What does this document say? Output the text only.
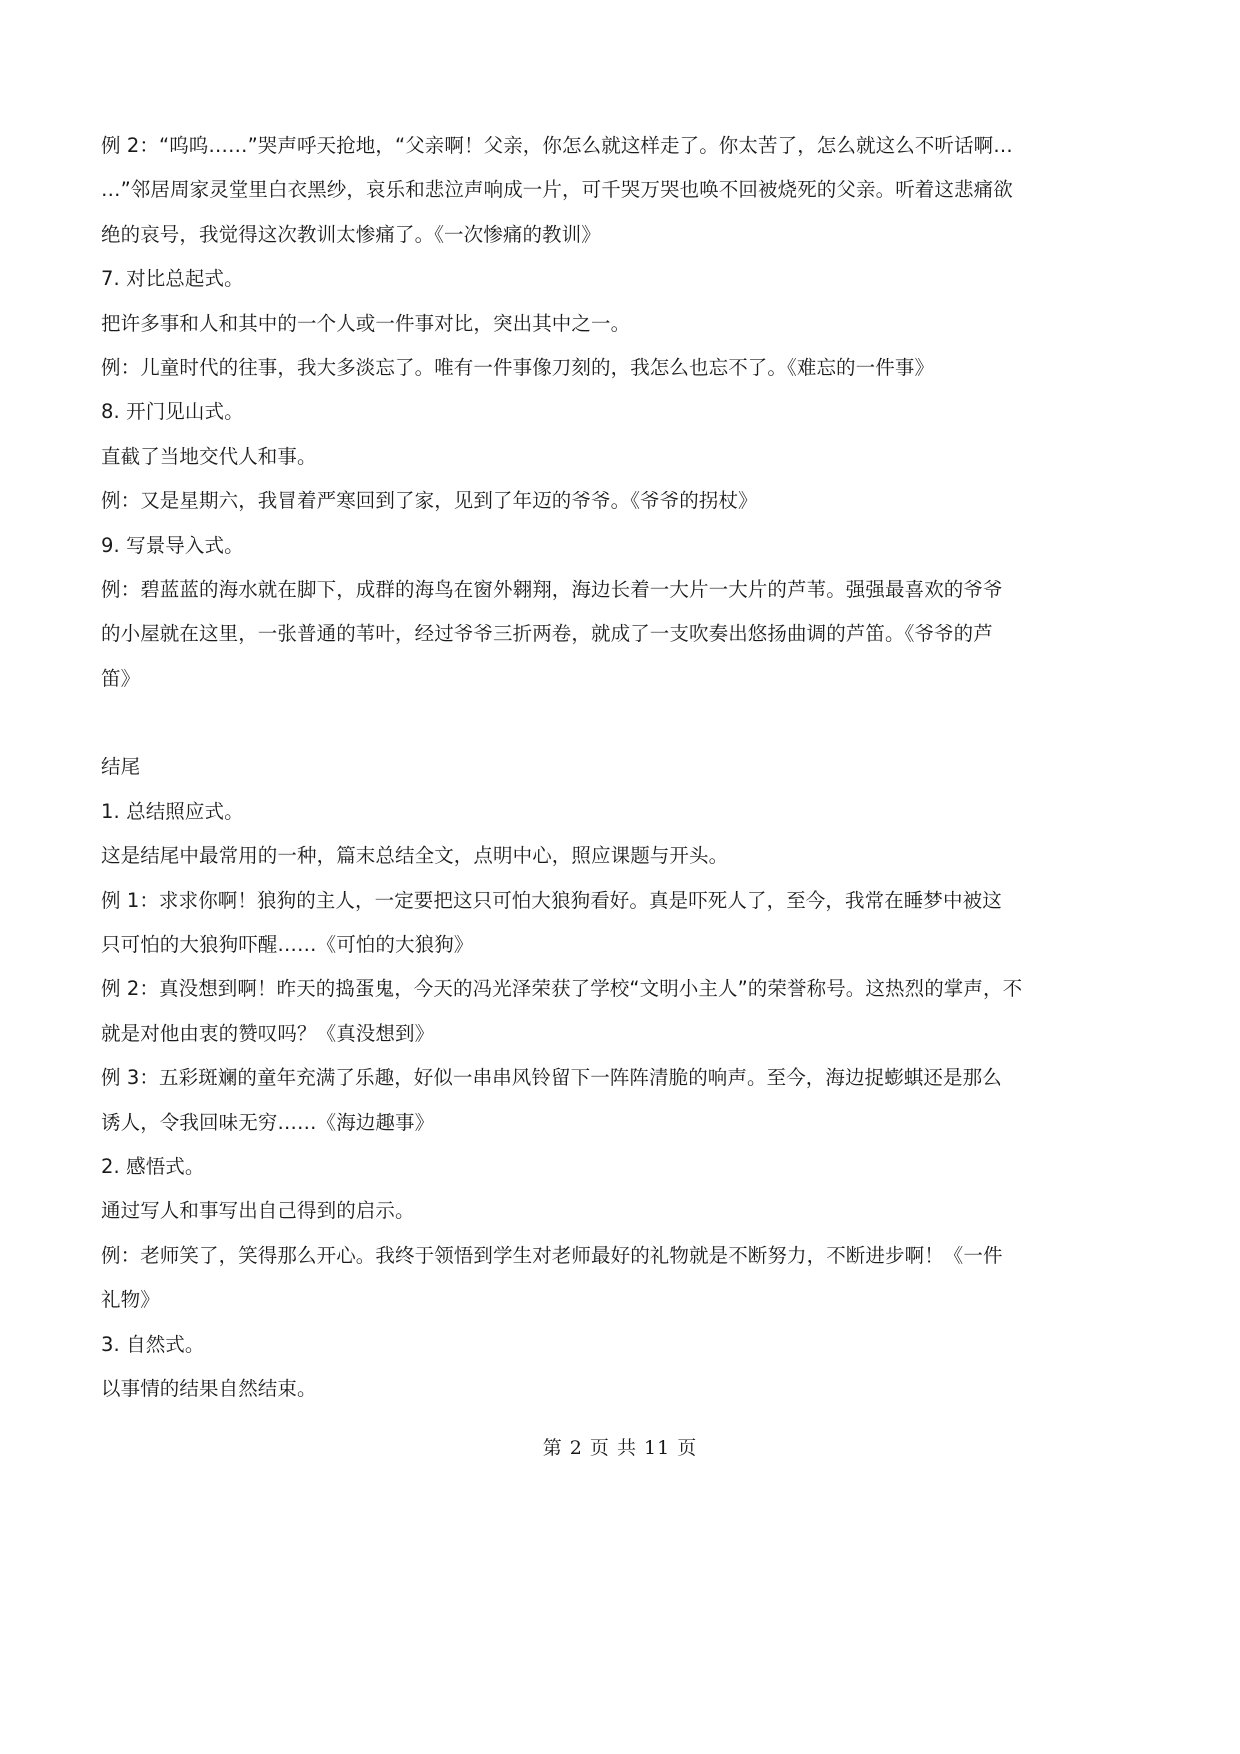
例 2：“呜呜……”哭声呼天抢地，“父亲啊！父亲，你怎么就这样走了。你太苦了，怎么就这么不听话啊…
…”邻居周家灵堂里白衣黑纱，哀乐和悲泣声响成一片，可千哭万哭也唤不回被烧死的父亲。听着这悲痛欲
绝的哀号，我觉得这次教训太惨痛了。《一次惨痛的教训》
7. 对比总起式。
把许多事和人和其中的一个人或一件事对比，突出其中之一。
例：儿童时代的往事，我大多淡忘了。唯有一件事像刀刻的，我怎么也忘不了。《难忘的一件事》
8. 开门见山式。
直截了当地交代人和事。
例：又是星期六，我冒着严寒回到了家，见到了年迈的爷爷。《爷爷的拐杖》
9. 写景导入式。
例：碧蓝蓝的海水就在脚下，成群的海鸟在窗外翱翔，海边长着一大片一大片的芦苇。强强最喜欢的爷爷
的小屋就在这里，一张普通的苇叶，经过爷爷三折两卷，就成了一支吹奏出悠扬曲调的芦笛。《爷爷的芦
笛》
结尾
1. 总结照应式。
这是结尾中最常用的一种，篇末总结全文，点明中心，照应课题与开头。
例 1：求求你啊！狼狗的主人，一定要把这只可怕大狼狗看好。真是吓死人了，至今，我常在睡梦中被这
只可怕的大狼狗吓醒……《可怕的大狼狗》
例 2：真没想到啊！昨天的捣蛋鬼，今天的冯光泽荣获了学校“文明小主人”的荣誉称号。这热烈的掌声，不
就是对他由衷的赞叹吗？《真没想到》
例 3：五彩斑斓的童年充满了乐趣，好似一串串风铃留下一阵阵清脆的响声。至今，海边捉蟛蜞还是那么
诱人，令我回味无穷……《海边趣事》
2. 感悟式。
通过写人和事写出自己得到的启示。
例：老师笑了，笑得那么开心。我终于领悟到学生对老师最好的礼物就是不断努力，不断进步啊！《一件
礼物》
3. 自然式。
以事情的结果自然结束。
第 2 页 共 11 页
